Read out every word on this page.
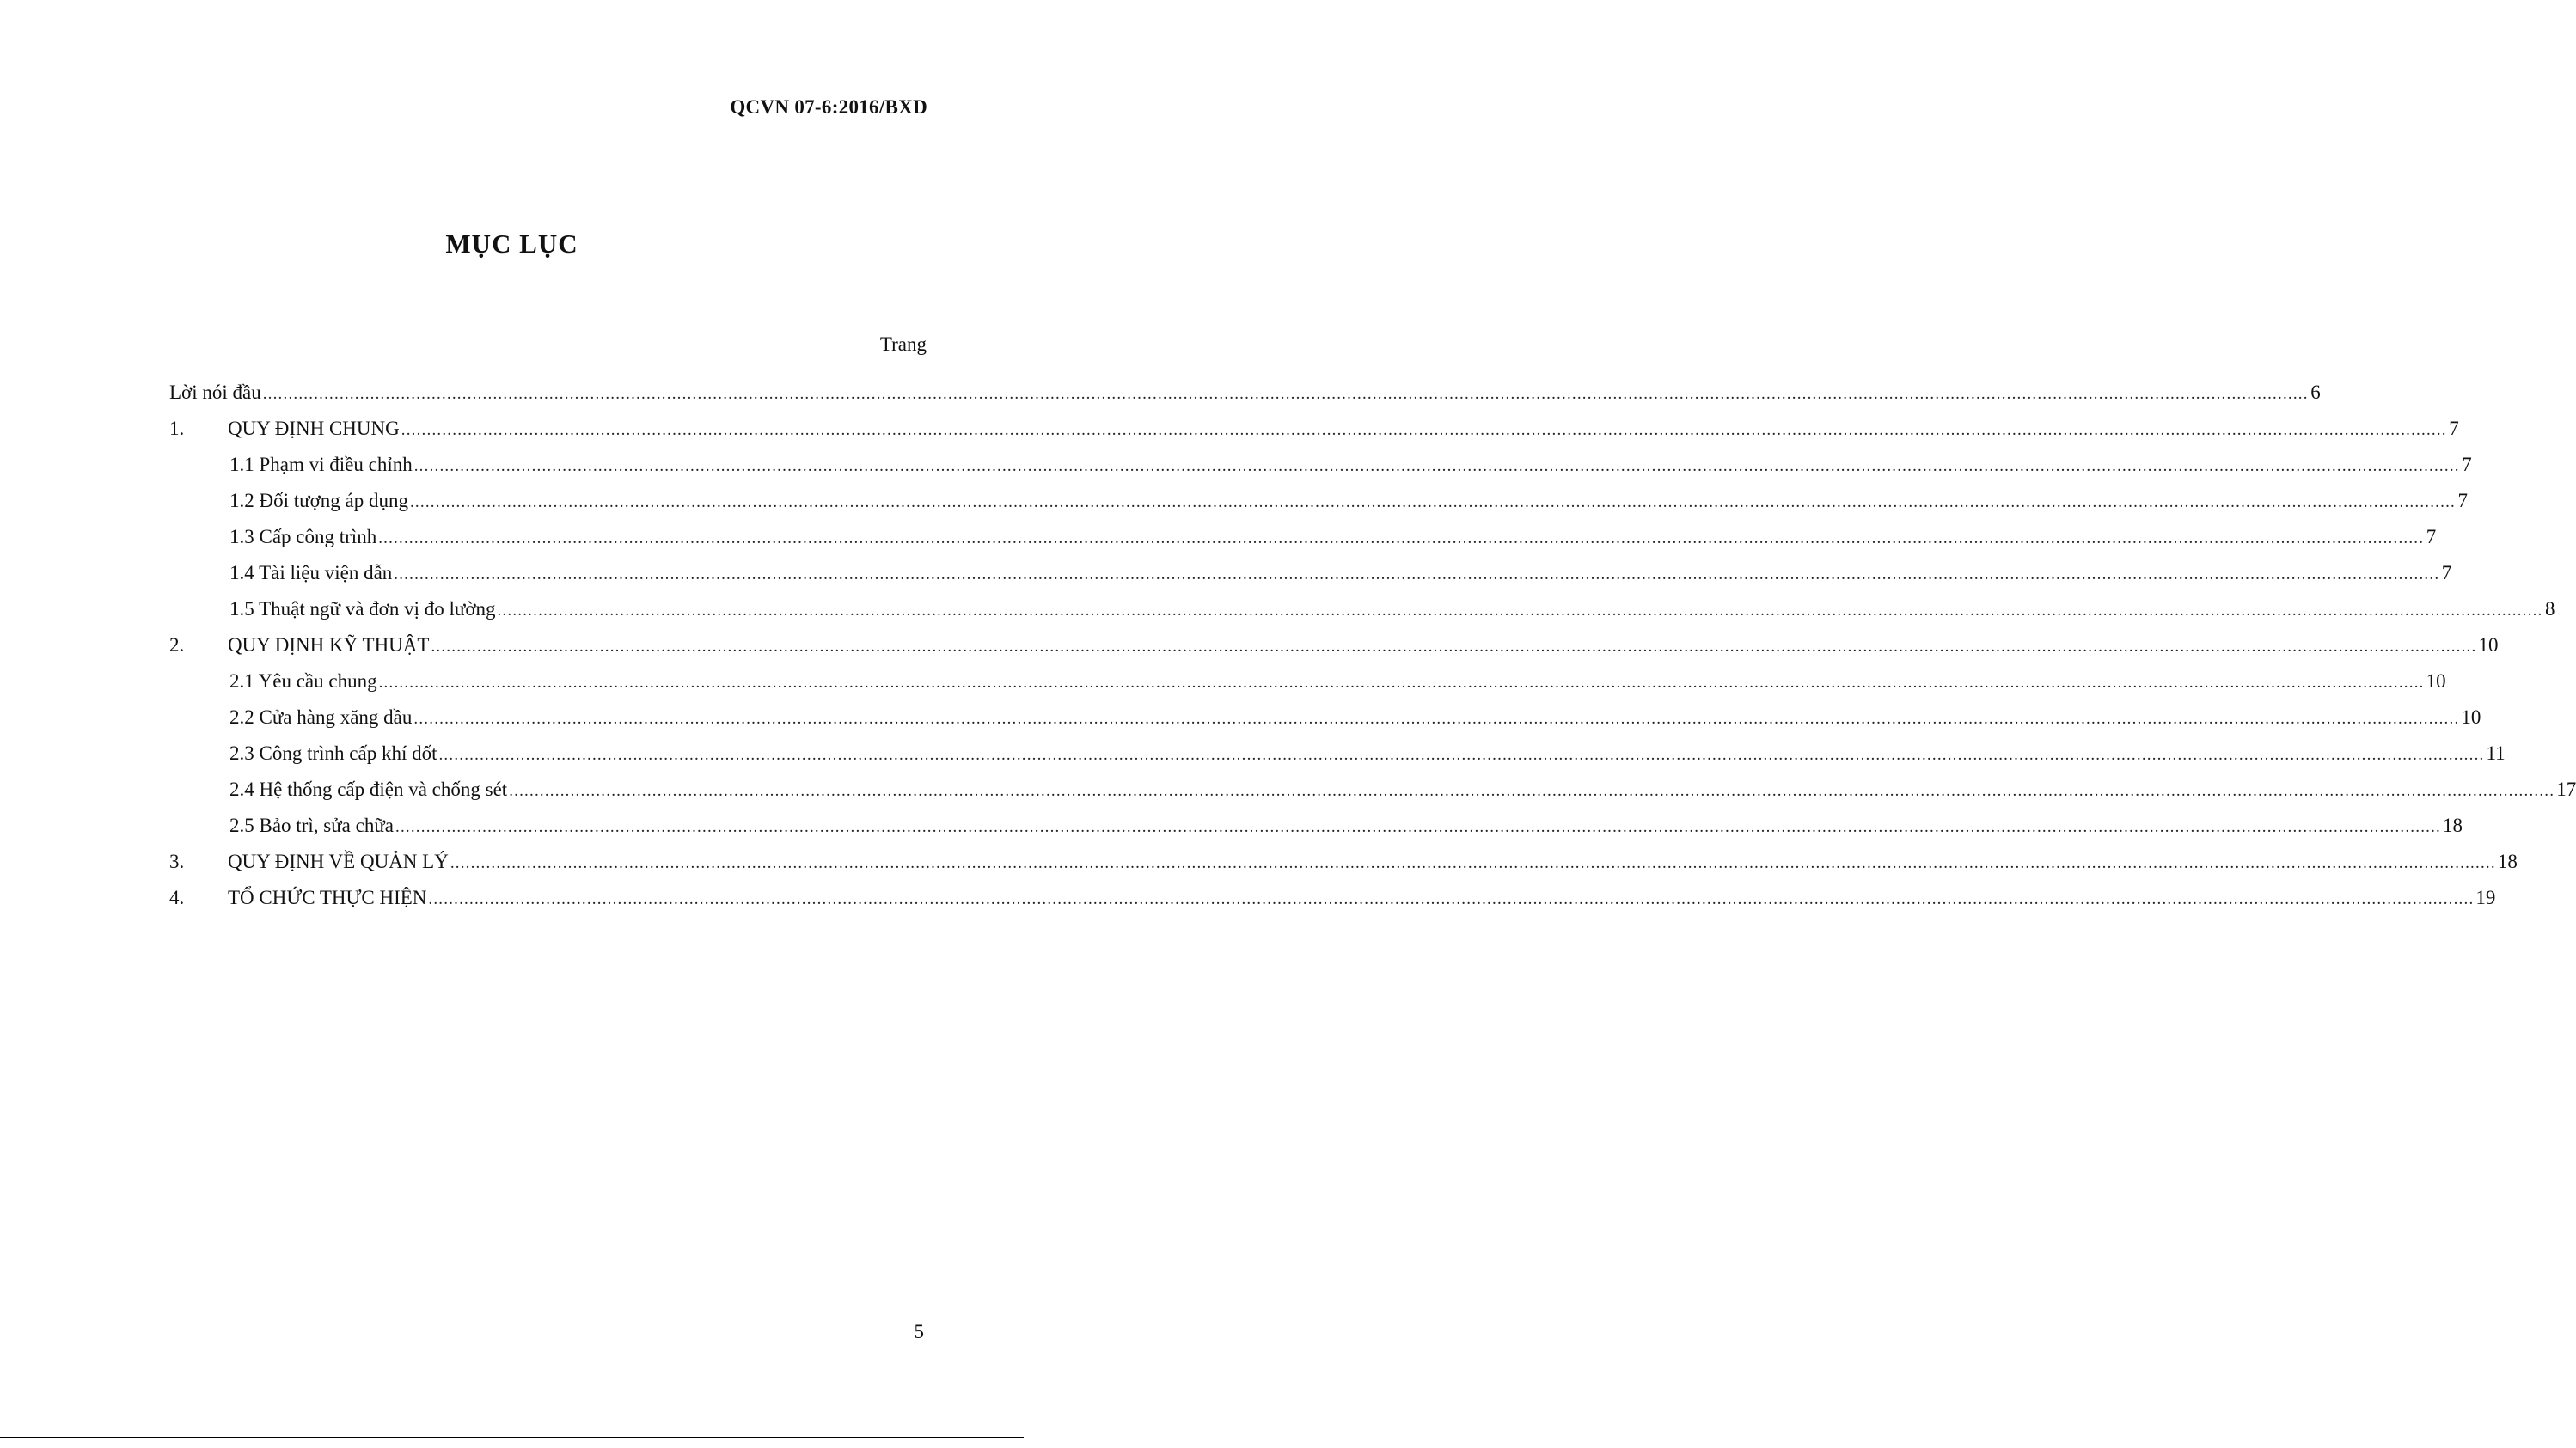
QCVN 07-6:2016/BXD
MỤC LỤC
Trang
Lời nói đầu ................................................................................................................................................................................................................................................................................................................................................................................................................ 6
1.	QUY ĐỊNH CHUNG ................................................................................................................................................................................................................................................................................................................................................................................................................ 7
1.1 Phạm vi điều chỉnh ................................................................................................................................................................................................................................................................................................................................................................................................................ 7
1.2 Đối tượng áp dụng ................................................................................................................................................................................................................................................................................................................................................................................................................ 7
1.3 Cấp công trình ................................................................................................................................................................................................................................................................................................................................................................................................................ 7
1.4 Tài liệu viện dẫn ................................................................................................................................................................................................................................................................................................................................................................................................................ 7
1.5 Thuật ngữ và đơn vị đo lường ................................................................................................................................................................................................................................................................................................................................................................................................................ 8
2.	QUY ĐỊNH KỸ THUẬT ................................................................................................................................................................................................................................................................................................................................................................................................................ 10
2.1 Yêu cầu chung ................................................................................................................................................................................................................................................................................................................................................................................................................ 10
2.2 Cửa hàng xăng dầu ................................................................................................................................................................................................................................................................................................................................................................................................................ 10
2.3 Công trình cấp khí đốt ................................................................................................................................................................................................................................................................................................................................................................................................................ 11
2.4 Hệ thống cấp điện và chống sét ................................................................................................................................................................................................................................................................................................................................................................................................................ 17
2.5 Bảo trì, sửa chữa ................................................................................................................................................................................................................................................................................................................................................................................................................ 18
3.	QUY ĐỊNH VỀ QUẢN LÝ ................................................................................................................................................................................................................................................................................................................................................................................................................ 18
4.	TỔ CHỨC THỰC HIỆN ................................................................................................................................................................................................................................................................................................................................................................................................................ 19
5
